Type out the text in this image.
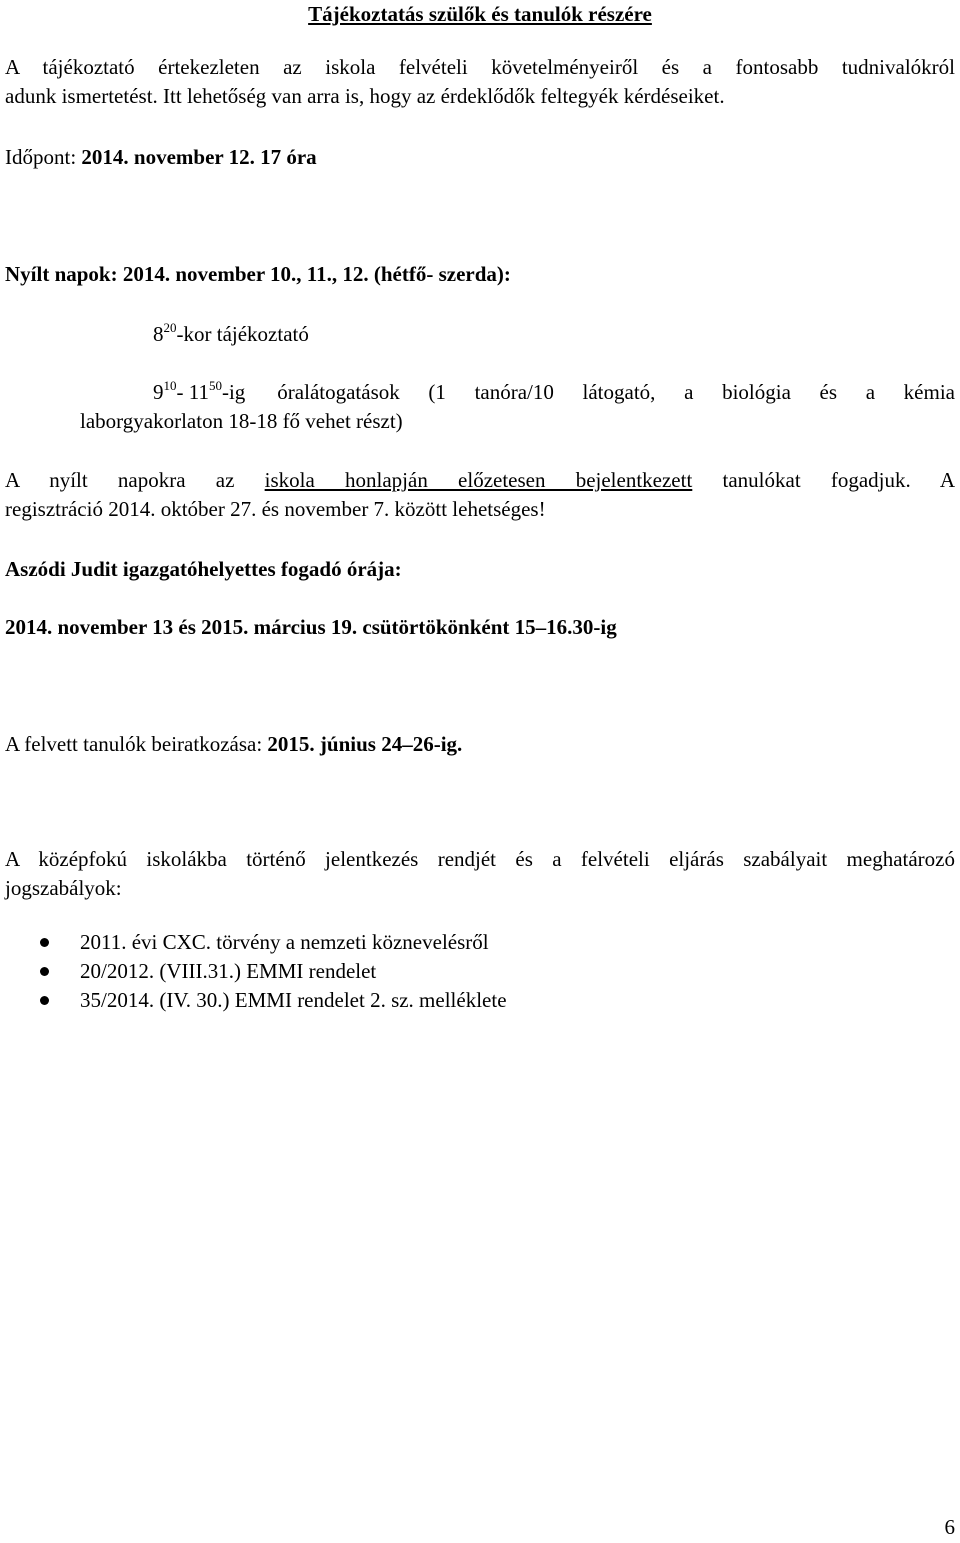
Tájékoztatás szülők és tanulók részére
A tájékoztató értekezleten az iskola felvételi követelményeiről és a fontosabb tudnivalókról
adunk ismertetést. Itt lehetőség van arra is, hogy az érdeklődők feltegyék kérdéseiket.
Időpont: 2014. november 12. 17 óra
Nyílt napok: 2014. november 10., 11., 12. (hétfő- szerda):
$8^{20}$-kor tájékoztató
$9^{10}-$ $11^{50}-ig$ óralátogatások (1 tanóra/10 látogató, a biológia és a kémia
laborgyakorlaton 18-18 fő vehet részt)
A nyílt napokra az iskola honlapján előzetesen bejelentkezett tanulókat fogadjuk. A
regisztráció 2014. október 27. és november 7. között lehetséges!
Aszódi Judit igazgatóhelyettes fogadó órája:
2014. november 13 és 2015. március 19. csütörtökönként 15–16.30-ig
A felvett tanulók beiratkozása: 2015. június 24–26-ig.
A középfokú iskolákba történő jelentkezés rendjét és a felvételi eljárás szabályait meghatározó
jogszabályok:
2011. évi CXC. törvény a nemzeti köznevelésről
20/2012. (VIII.31.) EMMI rendelet
35/2014. (IV. 30.) EMMI rendelet 2. sz. melléklete
6
